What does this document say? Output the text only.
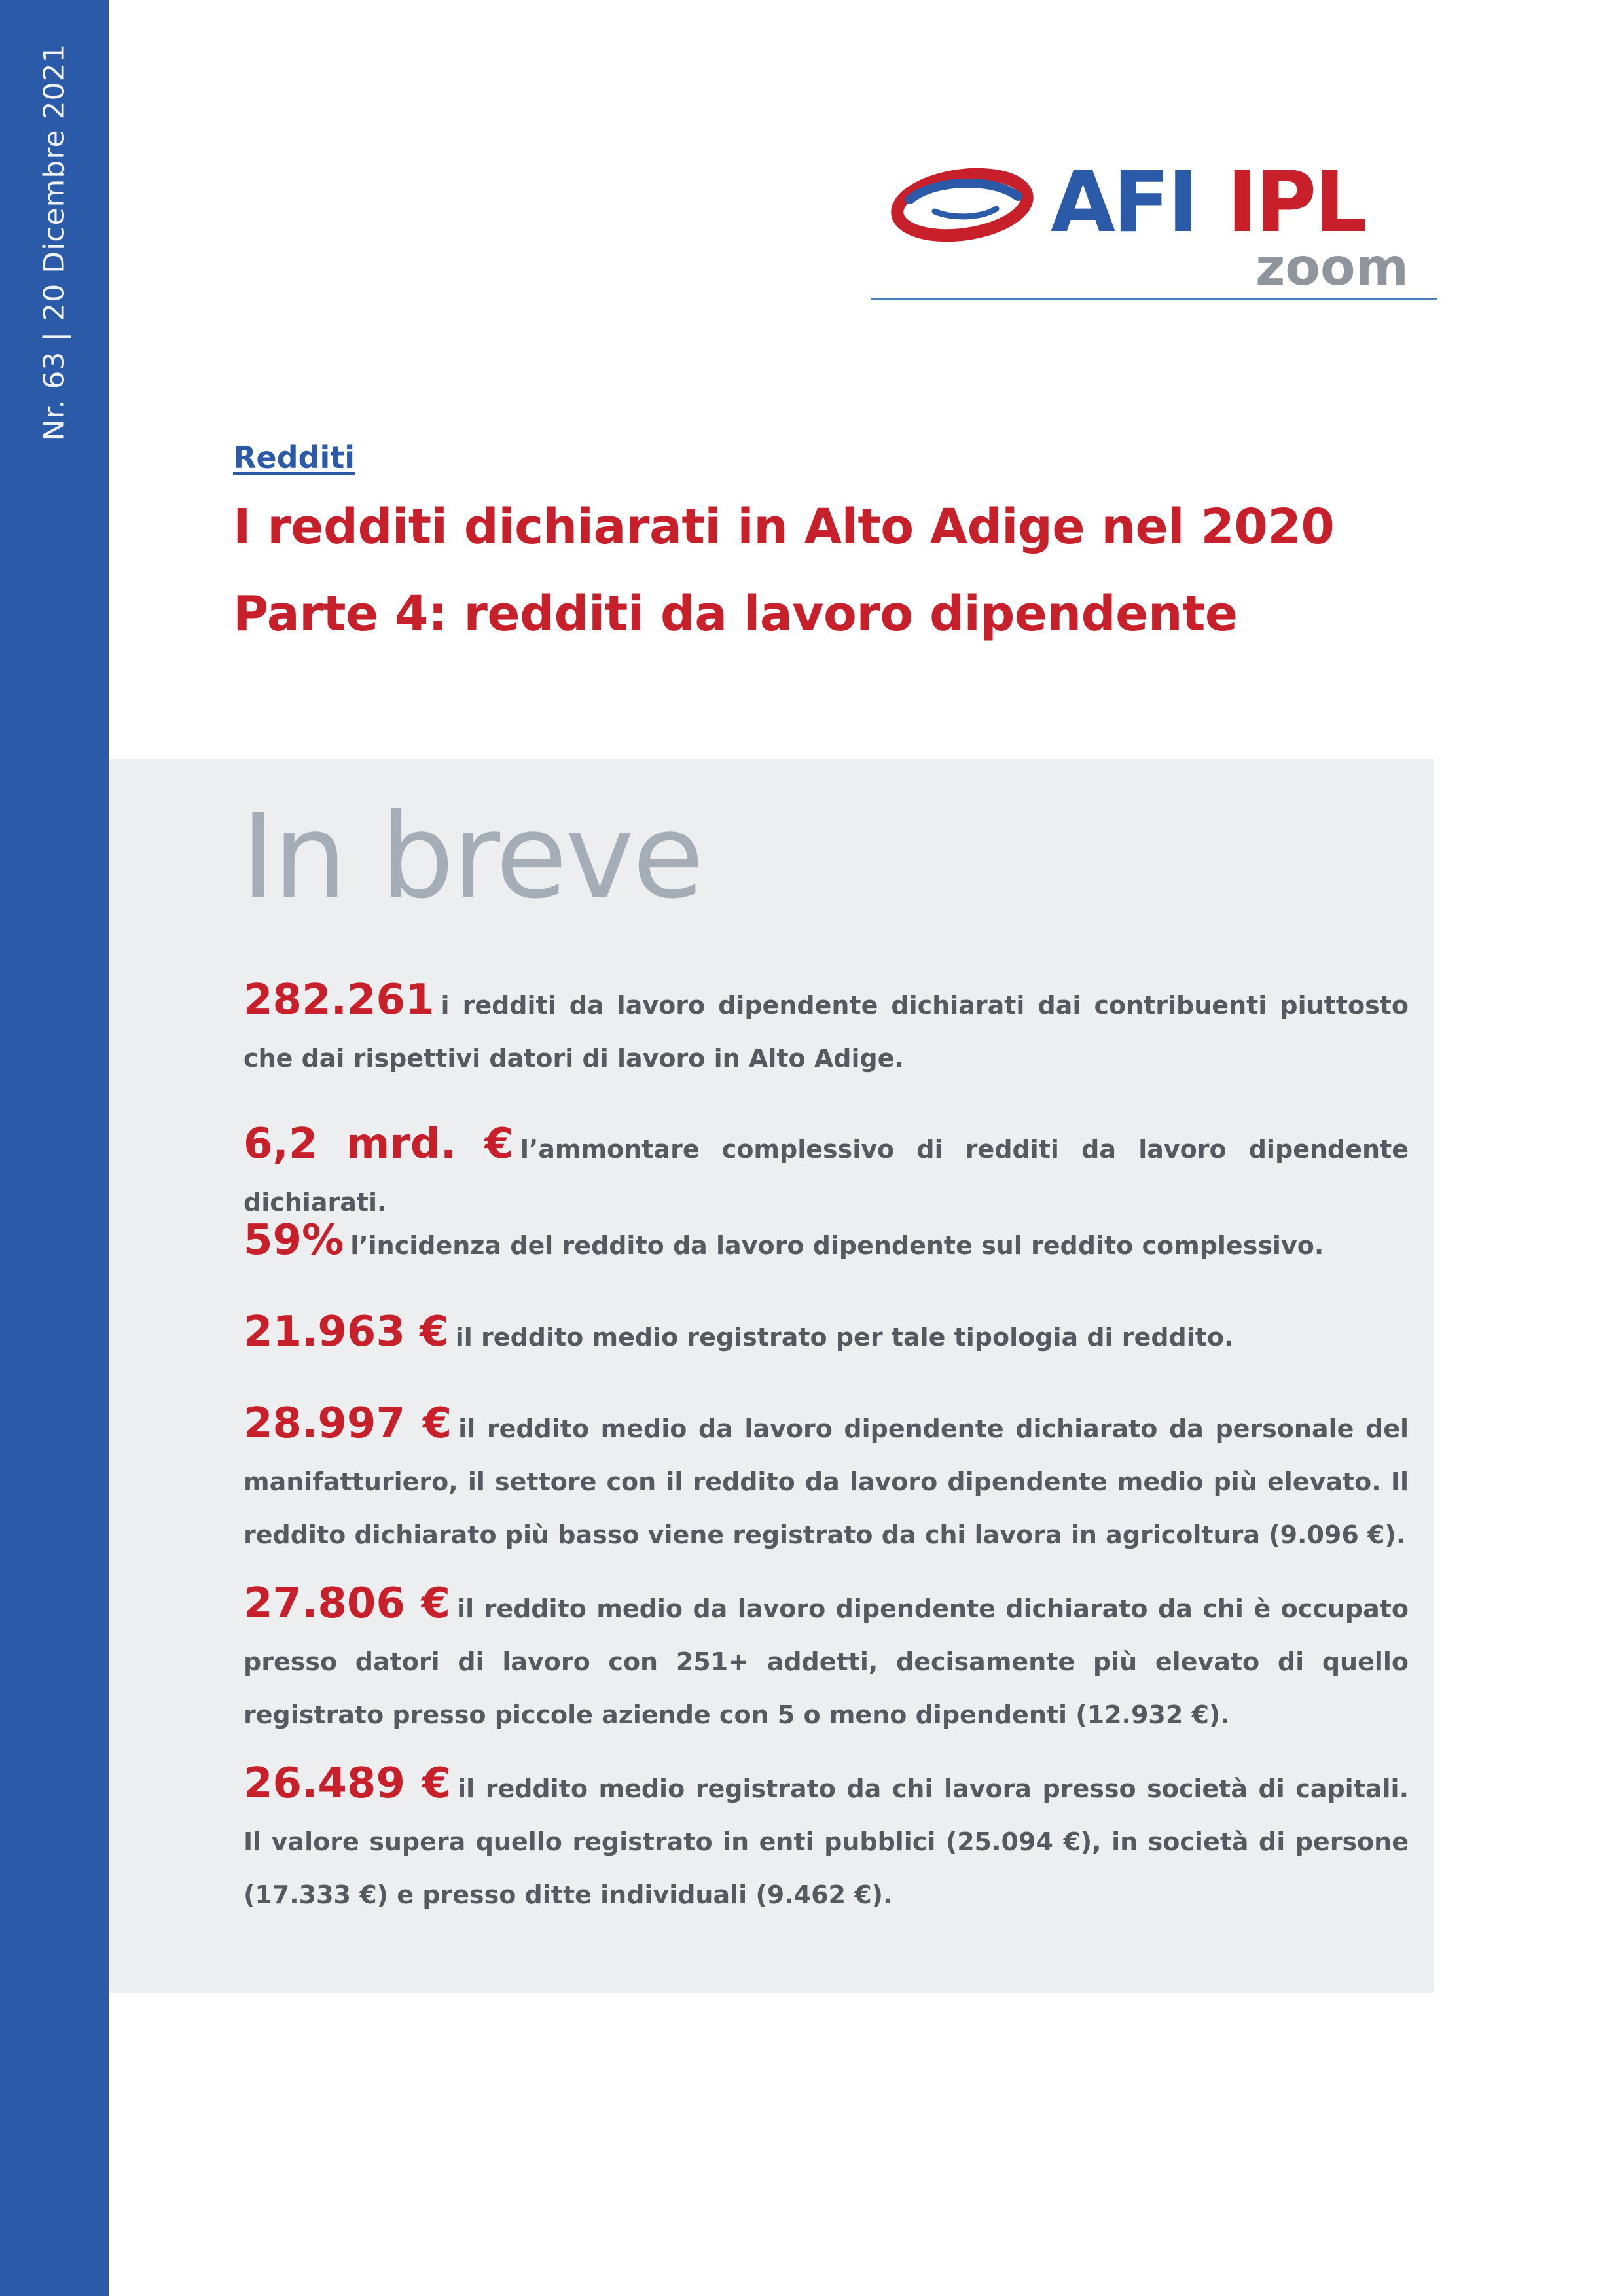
Nr. 63 | 20 Dicembre 2021	AFI IPL
zoom
Redditi
I redditi dichiarati in Alto Adige nel 2020
Parte 4: redditi da lavoro dipendente
In breve

282.261 i redditi da lavoro dipendente dichiarati dai contribuenti piuttosto che dai rispettivi datori di lavoro in Alto Adige.

6,2 mrd. € l’ammontare complessivo di redditi da lavoro dipendente dichiarati.

59% l’incidenza del reddito da lavoro dipendente sul reddito complessivo.

21.963 € il reddito medio registrato per tale tipologia di reddito.

28.997 € il reddito medio da lavoro dipendente dichiarato da personale del manifatturiero, il settore con il reddito da lavoro dipendente medio più elevato. Il reddito dichiarato più basso viene registrato da chi lavora in agricoltura (9.096 €).

27.806 € il reddito medio da lavoro dipendente dichiarato da chi è occupato presso datori di lavoro con 251+ addetti, decisamente più elevato di quello registrato presso piccole aziende con 5 o meno dipendenti (12.932 €).

26.489 € il reddito medio registrato da chi lavora presso società di capitali. Il valore supera quello registrato in enti pubblici (25.094 €), in società di persone (17.333 €) e presso ditte individuali (9.462 €).
